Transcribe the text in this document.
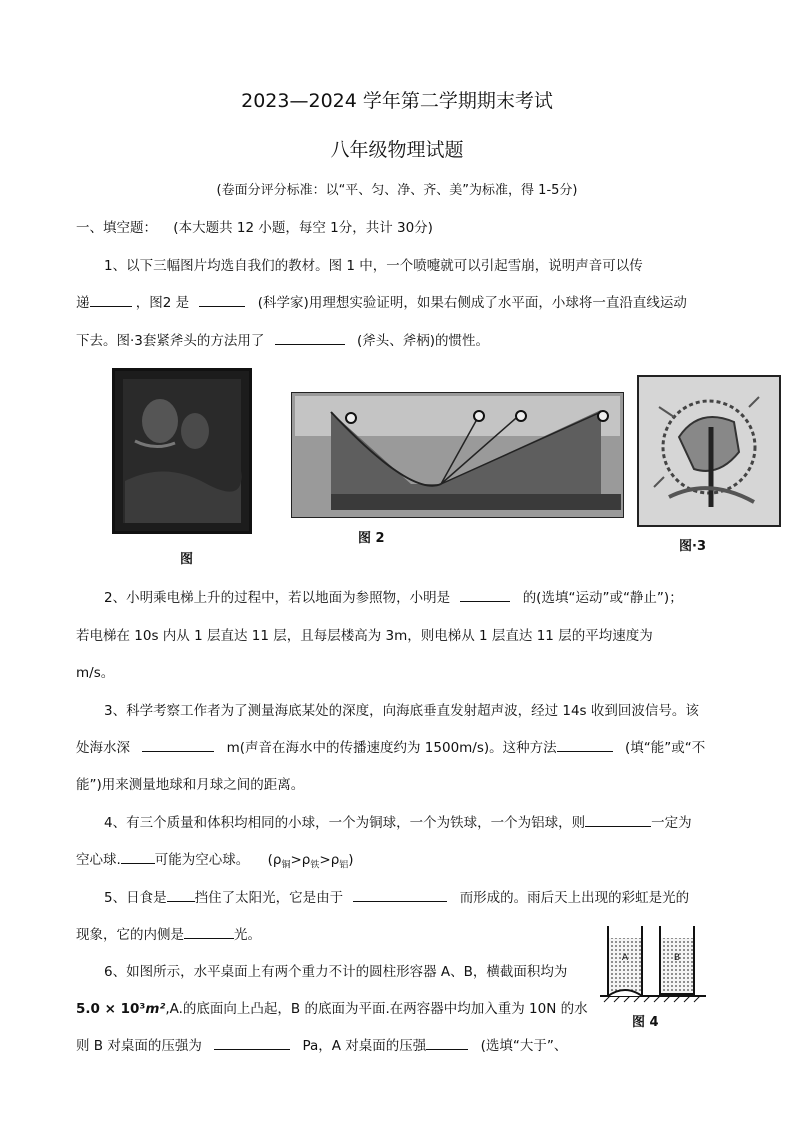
2023—2024 学年第二学期期末考试
八年级物理试题
(卷面分评分标准：以“平、匀、净、齐、美”为标准，得 1-5分)
一、填空题： (本大题共 12 小题，每空 1分，共计 30分)
1、以下三幅图片均选自我们的教材。图 1 中，一个喷嚏就可以引起雪崩，说明声音可以传
递	，图2 是	(科学家)用理想实验证明，如果右侧成了水平面，小球将一直沿直线运动
下去。图·3套紧斧头的方法用了	(斧头、斧柄)的惯性。
图
图 2
图·3
2、小明乘电梯上升的过程中，若以地面为参照物，小明是	的(选填“运动”或“静止”)；
若电梯在 10s 内从 1 层直达 11 层，且每层楼高为 3m，则电梯从 1 层直达 11 层的平均速度为
m/s。
3、科学考察工作者为了测量海底某处的深度，向海底垂直发射超声波，经过 14s 收到回波信号。该
处海水深	m(声音在海水中的传播速度约为 1500m/s)。这种方法	(填“能”或“不
能”)用来测量地球和月球之间的距离。
4、有三个质量和体积均相同的小球，一个为铜球，一个为铁球，一个为铝球，则	一定为
空心球.	可能为空心球。 $(\rho_铜>\rho_铁>\rho_铝)$
5、日食是 挡住了太阳光，它是由于	而形成的。雨后天上出现的彩虹是光的
现象，它的内侧是	光。
6、如图所示，水平桌面上有两个重力不计的圆柱形容器 A、B，横截面积均为
5.0 × 10³m²,A.的底面向上凸起，B 的底面为平面.在两容器中均加入重为 10N 的水
则 B 对桌面的压强为	Pa，A 对桌面的压强	(选填“大于”、
A	B
图 4
